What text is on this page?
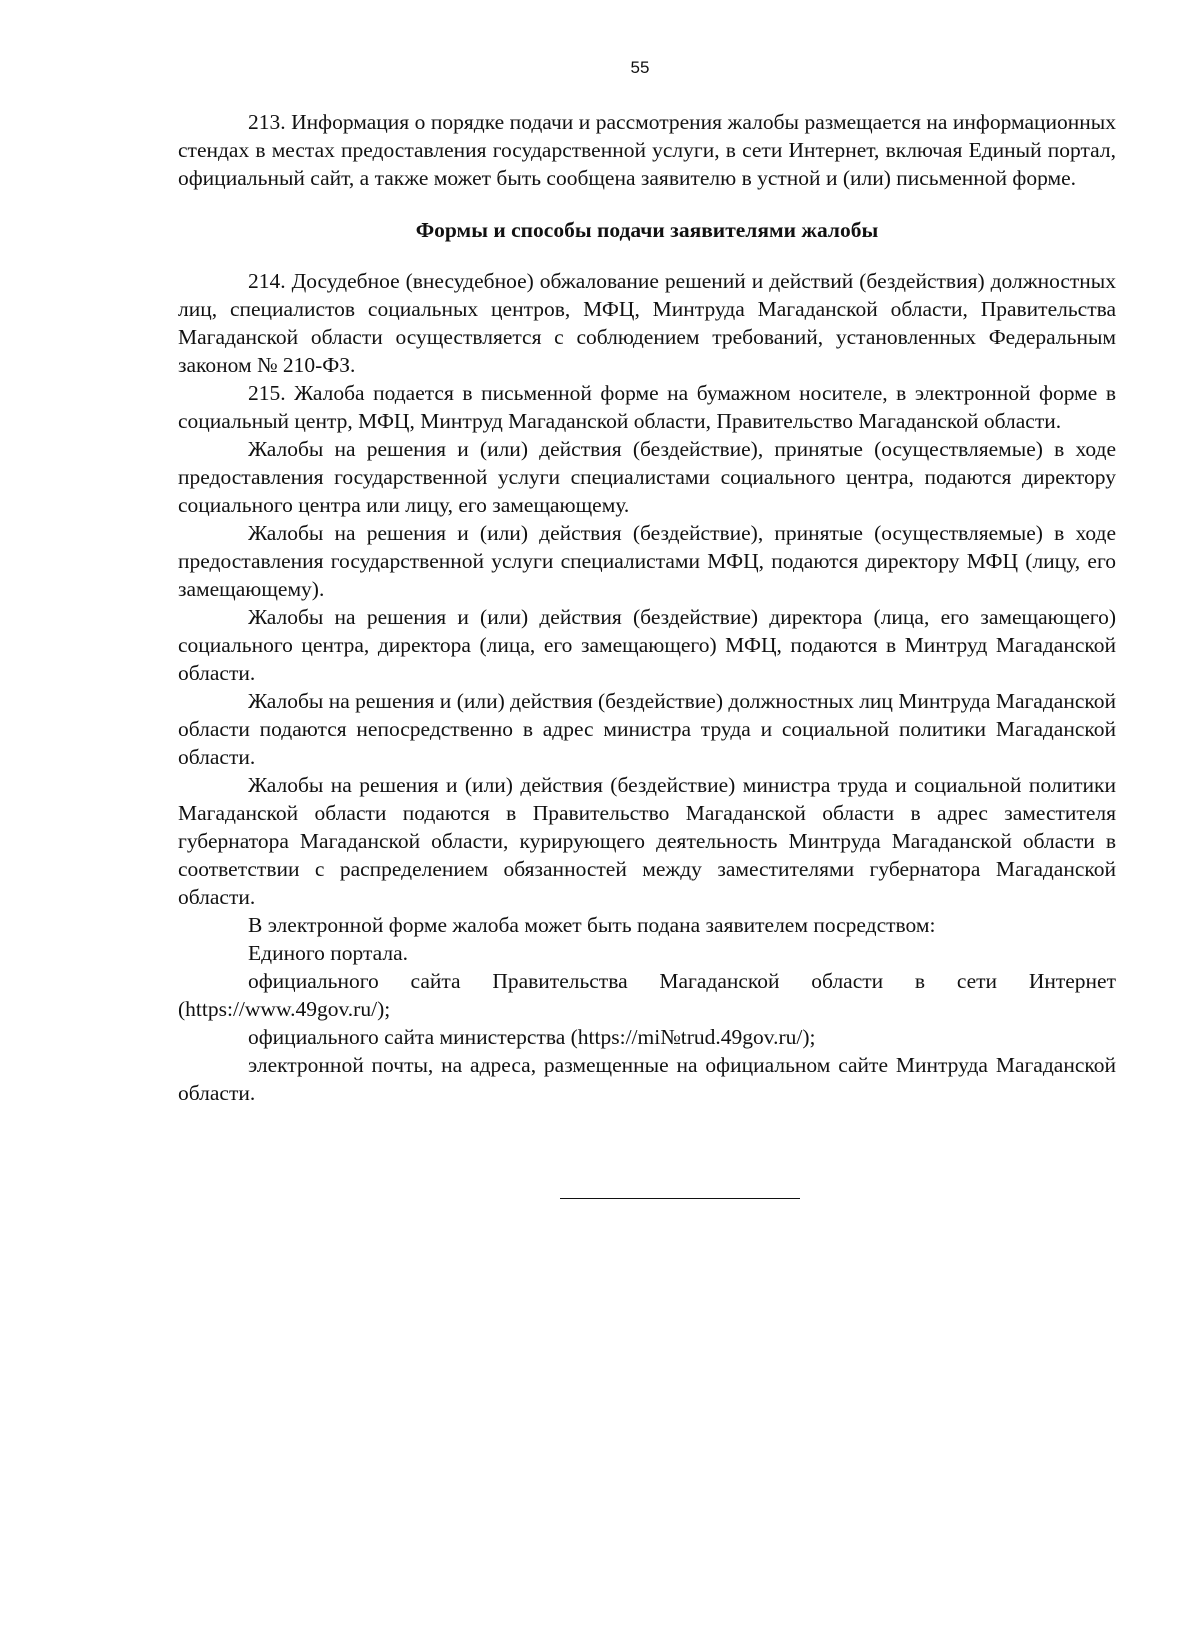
55

213. Информация о порядке подачи и рассмотрения жалобы размещается на информационных стендах в местах предоставления государственной услуги, в сети Интернет, включая Единый портал, официальный сайт, а также может быть сообщена заявителю в устной и (или) письменной форме.

Формы и способы подачи заявителями жалобы

214. Досудебное (внесудебное) обжалование решений и действий (бездействия) должностных лиц, специалистов социальных центров, МФЦ, Минтруда Магаданской области, Правительства Магаданской области осуществляется с соблюдением требований, установленных Федеральным законом № 210-ФЗ.

215. Жалоба подается в письменной форме на бумажном носителе, в электронной форме в социальный центр, МФЦ, Минтруд Магаданской области, Правительство Магаданской области.

Жалобы на решения и (или) действия (бездействие), принятые (осуществляемые) в ходе предоставления государственной услуги специалистами социального центра, подаются директору социального центра или лицу, его замещающему.

Жалобы на решения и (или) действия (бездействие), принятые (осуществляемые) в ходе предоставления государственной услуги специалистами МФЦ, подаются директору МФЦ (лицу, его замещающему).

Жалобы на решения и (или) действия (бездействие) директора (лица, его замещающего) социального центра, директора (лица, его замещающего) МФЦ, подаются в Минтруд Магаданской области.

Жалобы на решения и (или) действия (бездействие) должностных лиц Минтруда Магаданской области подаются непосредственно в адрес министра труда и социальной политики Магаданской области.

Жалобы на решения и (или) действия (бездействие) министра труда и социальной политики Магаданской области подаются в Правительство Магаданской области в адрес заместителя губернатора Магаданской области, курирующего деятельность Минтруда Магаданской области в соответствии с распределением обязанностей между заместителями губернатора Магаданской области.

В электронной форме жалоба может быть подана заявителем посредством:

Единого портала.

официального сайта Правительства Магаданской области в сети Интернет (https://www.49gov.ru/);

официального сайта министерства (https://mi№trud.49gov.ru/);

электронной почты, на адреса, размещенные на официальном сайте Минтруда Магаданской области.
